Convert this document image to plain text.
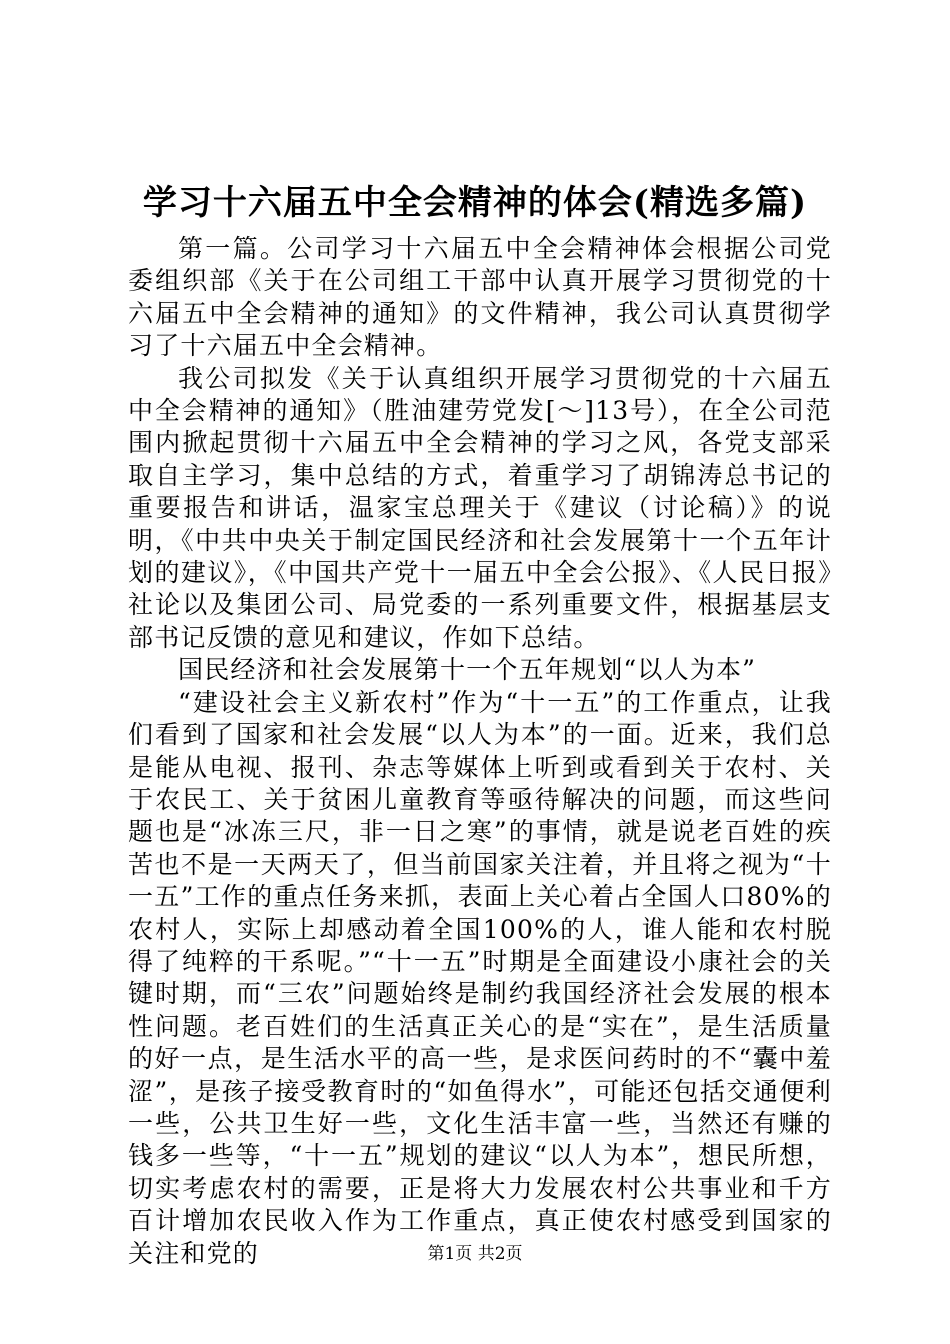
学习十六届五中全会精神的体会(精选多篇)

第一篇。公司学习十六届五中全会精神体会根据公司党委组织部《关于在公司组工干部中认真开展学习贯彻党的十六届五中全会精神的通知》的文件精神，我公司认真贯彻学习了十六届五中全会精神。

我公司拟发《关于认真组织开展学习贯彻党的十六届五中全会精神的通知》（胜油建劳党发[～]13号），在全公司范围内掀起贯彻十六届五中全会精神的学习之风，各党支部采取自主学习，集中总结的方式，着重学习了胡锦涛总书记的重要报告和讲话，温家宝总理关于《建议（讨论稿）》的说明，《中共中央关于制定国民经济和社会发展第十一个五年计划的建议》，《中国共产党十一届五中全会公报》、《人民日报》社论以及集团公司、局党委的一系列重要文件，根据基层支部书记反馈的意见和建议，作如下总结。

国民经济和社会发展第十一个五年规划“以人为本”

“建设社会主义新农村”作为“十一五”的工作重点，让我们看到了国家和社会发展“以人为本”的一面。近来，我们总是能从电视、报刊、杂志等媒体上听到或看到关于农村、关于农民工、关于贫困儿童教育等亟待解决的问题，而这些问题也是“冰冻三尺，非一日之寒”的事情，就是说老百姓的疾苦也不是一天两天了，但当前国家关注着，并且将之视为“十一五”工作的重点任务来抓，表面上关心着占全国人口80%的农村人，实际上却感动着全国100%的人，谁人能和农村脱得了纯粹的干系呢。”“十一五”时期是全面建设小康社会的关键时期，而“三农”问题始终是制约我国经济社会发展的根本性问题。老百姓们的生活真正关心的是“实在”，是生活质量的好一点，是生活水平的高一些，是求医问药时的不“囊中羞涩”，是孩子接受教育时的“如鱼得水”，可能还包括交通便利一些，公共卫生好一些，文化生活丰富一些，当然还有赚的钱多一些等，“十一五”规划的建议“以人为本”，想民所想，切实考虑农村的需要，正是将大力发展农村公共事业和千方百计增加农民收入作为工作重点，真正使农村感受到国家的关注和党的	第1页 共2页
